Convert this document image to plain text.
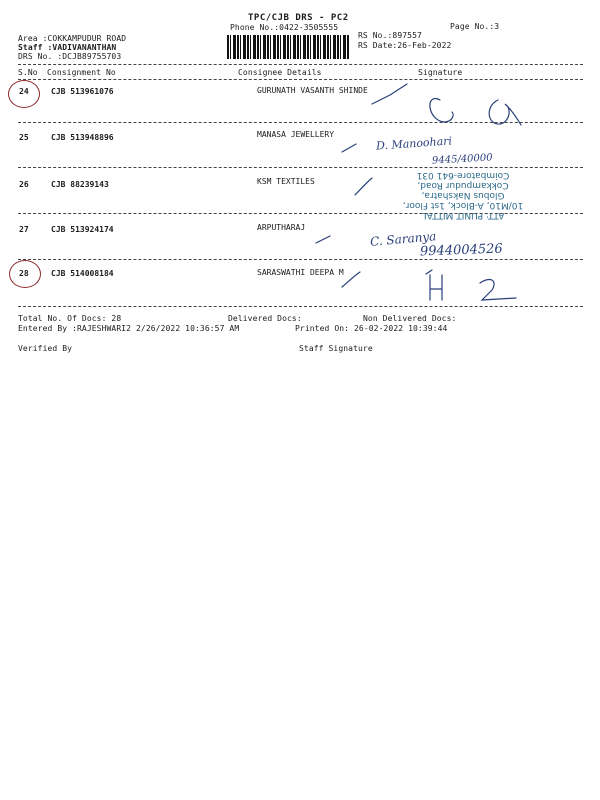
TPC/CJB DRS - PC2
Phone No.:0422-3505555	Page No.:3
Area :COKKAMPUDUR ROAD
Staff :VADIVANANTHAN
DRS No. :DCJB89755703
RS No.:897557
RS Date:26-Feb-2022
S.No Consignment No	Consignee Details	Signature
24	CJB 513961076	GURUNATH VASANTH SHINDE
25	CJB 513948896	MANASA JEWELLERY
26	CJB 88239143	KSM TEXTILES
27	CJB 513924174	ARPUTHARAJ
28	CJB 514008184	SARASWATHI DEEPA M
ATT: PUNIT MITTAL
10/M10, A-Block, 1st Floor,
Globus Nakshatra,
Cokkampudur Road,
Coimbatore-641 031
D. Manoohari
9445/40000
C. Saranya
9944004526
Total No. Of Docs: 28	Delivered Docs:	Non Delivered Docs:
Entered By :RAJESHWARI2 2/26/2022 10:36:57 AM	Printed On: 26-02-2022 10:39:44
Verified By	Staff Signature
